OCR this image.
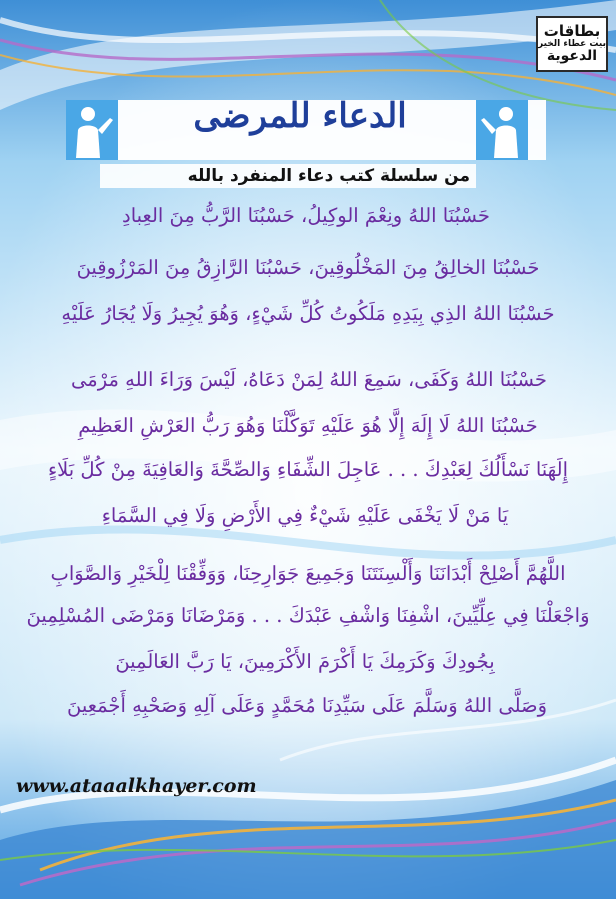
بطاقات
بيت عطاء الخير
الدعوية
الدعاء للمرضى
من سلسلة كتب دعاء المنفرد بالله
حَسْبُنَا اللهُ ونِعْمَ الوكِيلُ، حَسْبُنَا الرَّبُّ مِنَ العِبادِ
حَسْبُنَا الخالِقُ مِنَ المَخْلُوقِينَ، حَسْبُنَا الرَّازِقُ مِنَ المَرْزُوقِينَ
حَسْبُنَا اللهُ الذِي بِيَدِهِ مَلَكُوتُ كُلِّ شَيْءٍ، وَهُوَ يُجِيرُ وَلَا يُجَارُ عَلَيْهِ
حَسْبُنَا اللهُ وَكَفَى، سَمِعَ اللهُ لِمَنْ دَعَاهُ، لَيْسَ وَرَاءَ اللهِ مَرْمَى
حَسْبُنَا اللهُ لَا إِلَهَ إِلَّا هُوَ عَلَيْهِ تَوَكَّلْنَا وَهُوَ رَبُّ العَرْشِ العَظِيمِ
إِلَهَنَا نَسْأَلُكَ لِعَبْدِكَ . . . عَاجِلَ الشِّفَاءِ وَالصِّحَّةَ وَالعَافِيَةَ مِنْ كُلِّ بَلَاءٍ
يَا مَنْ لَا يَخْفَى عَلَيْهِ شَيْءٌ فِي الأَرْضِ وَلَا فِي السَّمَاءِ
اللَّهُمَّ أَصْلِحْ أَبْدَانَنَا وَأَلْسِنَتَنَا وَجَمِيعَ جَوَارِحِنَا، وَوَفِّقْنَا لِلْخَيْرِ وَالصَّوَابِ
وَاجْعَلْنَا فِي عِلِّيِّينَ، اشْفِنَا وَاشْفِ عَبْدَكَ . . . وَمَرْضَانَا وَمَرْضَى المُسْلِمِينَ
بِجُودِكَ وَكَرَمِكَ يَا أَكْرَمَ الأَكْرَمِينَ، يَا رَبَّ العَالَمِينَ
وَصَلَّى اللهُ وَسَلَّمَ عَلَى سَيِّدِنَا مُحَمَّدٍ وَعَلَى آلِهِ وَصَحْبِهِ أَجْمَعِينَ
www.ataaalkhayer.com
